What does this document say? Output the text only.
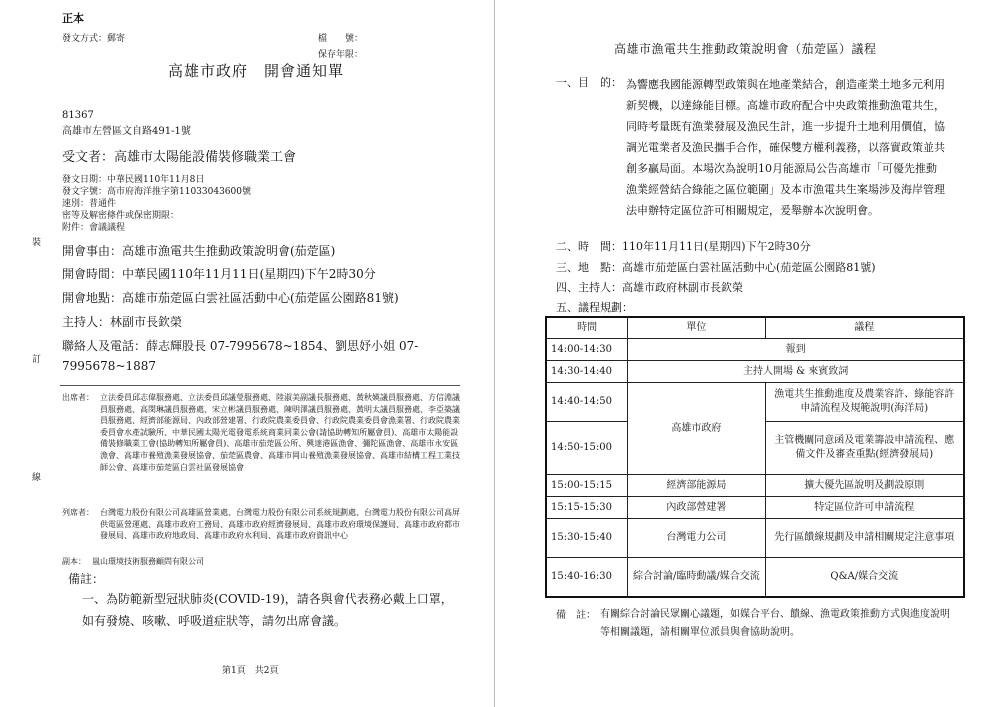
正本
發文方式：郵寄	檔　　號：
保存年限：
高雄市政府　開會通知單
81367
高雄市左營區文自路491-1號
受文者：高雄市太陽能設備裝修職業工會
發文日期：中華民國110年11月8日
發文字號：高市府海洋推字第11033043600號
速別：普通件
密等及解密條件或保密期限：
附件：會議議程
開會事由：高雄市漁電共生推動政策說明會(茄萣區)
開會時間：中華民國110年11月11日(星期四)下午2時30分
開會地點：高雄市茄萣區白雲社區活動中心(茄萣區公園路81號)
主持人：林副市長欽榮
聯絡人及電話：薛志輝股長 07-7995678~1854、劉思妤小姐 07-
7995678~1887
出席者： 立法委員邱志偉服務處、立法委員邱議瑩服務處、陸淑美副議長服務處、黃秋媖議員服務處、方信淵議員服務處、高閔琳議員服務處、宋立彬議員服務處、陳明澤議員服務處、黃明太議員服務處、李亞築議員服務處、經濟部能源局、內政部營建署、行政院農業委員會、行政院農業委員會漁業署、行政院農業委員會水產試驗所、中華民國太陽光電發電系統商業同業公會(請協助轉知所屬會員)、高雄市太陽能設備裝修職業工會(協助轉知所屬會員)、高雄市茄萣區公所、興達港區漁會、彌陀區漁會、高雄市永安區漁會、高雄市養殖漁業發展協會、茄萣區農會、高雄市岡山養殖漁業發展協會、高雄市結構工程工業技師公會、高雄市茄萣區白雲社區發展協會
列席者： 台灣電力股份有限公司高雄區營業處、台灣電力股份有限公司系統規劃處、台灣電力股份有限公司高屏供電區營運處、高雄市政府工務局、高雄市政府經濟發展局、高雄市政府環境保護局、高雄市政府都市發展局、高雄市政府地政局、高雄市政府水利局、高雄市政府資訊中心
副本： 嵐山環境技術服務顧問有限公司
備註：
一、為防範新型冠狀肺炎(COVID-19)，請各與會代表務必戴上口罩，如有發燒、咳嗽、呼吸道症狀等，請勿出席會議。
裝
訂
線
第1頁　共2頁
高雄市漁電共生推動政策說明會（茄萣區）議程
一、目　的： 為響應我國能源轉型政策與在地產業結合，創造產業土地多元利用新契機，以達綠能目標。高雄市政府配合中央政策推動漁電共生，同時考量既有漁業發展及漁民生計，進一步提升土地利用價值，協調光電業者及漁民攜手合作，確保雙方權利義務，以落實政策並共創多贏局面。本場次為說明10月能源局公告高雄市「可優先推動漁業經營結合綠能之區位範圍」及本市漁電共生案場涉及海岸管理法申辦特定區位許可相關規定，爰舉辦本次說明會。
二、時　間：110年11月11日(星期四)下午2時30分
三、地　點：高雄市茄萣區白雲社區活動中心(茄萣區公園路81號)
四、主持人：高雄市政府林副市長欽榮
五、議程規劃：
備　註： 有關綜合討論民眾關心議題，如媒合平台、饋線、漁電政策推動方式與進度說明等相關議題，請相關單位派員與會協助說明。
時間	單位	議程
14:00-14:30	報到	
14:30-14:40	主持人開場 & 來賓致詞	
14:40-14:50	高雄市政府	漁電共生推動進度及農業容許、綠能容許申請流程及規範說明(海洋局)
14:50-15:00		主管機關同意函及電業籌設申請流程、應備文件及審查重點(經濟發展局)
15:00-15:15	經濟部能源局	擴大優先區說明及劃設原則
15:15-15:30	內政部營建署	特定區位許可申請流程
15:30-15:40	台灣電力公司	先行區饋線規劃及申請相關規定注意事項
15:40-16:30	綜合討論/臨時動議/媒合交流	Q&A/媒合交流
